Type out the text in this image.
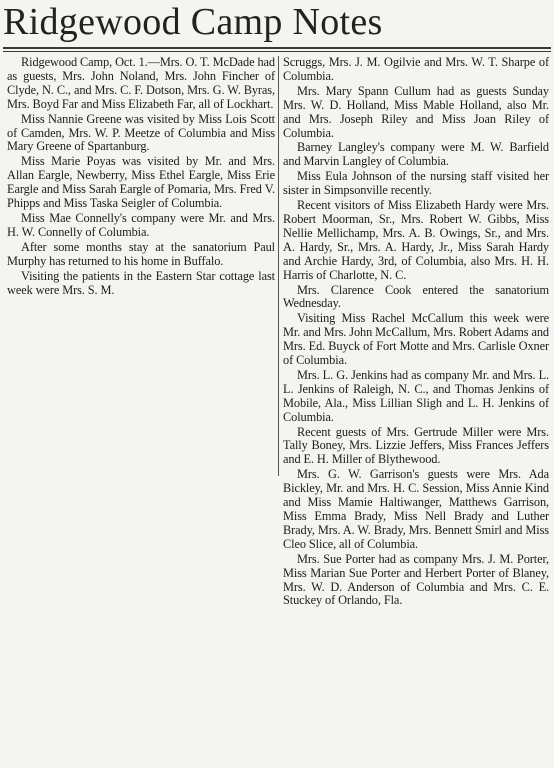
Ridgewood Camp Notes

Ridgewood Camp, Oct. 1.—Mrs. O. T. McDade had as guests, Mrs. John Noland, Mrs. John Fincher of Clyde, N. C., and Mrs. C. F. Dotson, Mrs. G. W. Byras, Mrs. Boyd Far and Miss Elizabeth Far, all of Lockhart.

Miss Nannie Greene was visited by Miss Lois Scott of Camden, Mrs. W. P. Meetze of Columbia and Miss Mary Greene of Spartanburg.

Miss Marie Poyas was visited by Mr. and Mrs. Allan Eargle, Newberry, Miss Ethel Eargle, Miss Erie Eargle and Miss Sarah Eargle of Pomaria, Mrs. Fred V. Phipps and Miss Taska Seigler of Columbia.

Miss Mae Connelly's company were Mr. and Mrs. H. W. Connelly of Columbia.

After some months stay at the sanatorium Paul Murphy has returned to his home in Buffalo.

Visiting the patients in the Eastern Star cottage last week were Mrs. S. M.

Scruggs, Mrs. J. M. Ogilvie and Mrs. W. T. Sharpe of Columbia.

Mrs. Mary Spann Cullum had as guests Sunday Mrs. W. D. Holland, Miss Mable Holland, also Mr. and Mrs. Joseph Riley and Miss Joan Riley of Columbia.

Barney Langley's company were M. W. Barfield and Marvin Langley of Columbia.

Miss Eula Johnson of the nursing staff visited her sister in Simpsonville recently.

Recent visitors of Miss Elizabeth Hardy were Mrs. Robert Moorman, Sr., Mrs. Robert W. Gibbs, Miss Nellie Mellichamp, Mrs. A. B. Owings, Sr., and Mrs. A. Hardy, Sr., Mrs. A. Hardy, Jr., Miss Sarah Hardy and Archie Hardy, 3rd, of Columbia, also Mrs. H. H. Harris of Charlotte, N. C.

Mrs. Clarence Cook entered the sanatorium Wednesday.

Visiting Miss Rachel McCallum this week were Mr. and Mrs. John McCallum, Mrs. Robert Adams and Mrs. Ed. Buyck of Fort Motte and Mrs. Carlisle Oxner of Columbia.

Mrs. L. G. Jenkins had as company Mr. and Mrs. L. L. Jenkins of Raleigh, N. C., and Thomas Jenkins of Mobile, Ala., Miss Lillian Sligh and L. H. Jenkins of Columbia.

Recent guests of Mrs. Gertrude Miller were Mrs. Tally Boney, Mrs. Lizzie Jeffers, Miss Frances Jeffers and E. H. Miller of Blythewood.

Mrs. G. W. Garrison's guests were Mrs. Ada Bickley, Mr. and Mrs. H. C. Session, Miss Annie Kind and Miss Mamie Haltiwanger, Matthews Garrison, Miss Emma Brady, Miss Nell Brady and Luther Brady, Mrs. A. W. Brady, Mrs. Bennett Smirl and Miss Cleo Slice, all of Columbia.

Mrs. Sue Porter had as company Mrs. J. M. Porter, Miss Marian Sue Porter and Herbert Porter of Blaney, Mrs. W. D. Anderson of Columbia and Mrs. C. E. Stuckey of Orlando, Fla.
